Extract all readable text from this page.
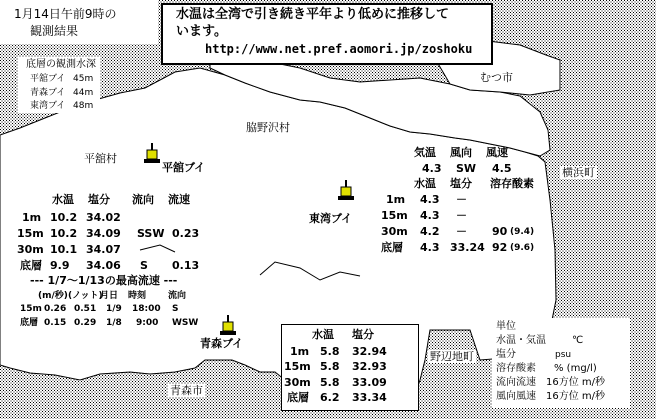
1月14日午前9時の
観測結果
底層の観測水深
平舘ブイ 45m
青森ブイ 44m
東湾ブイ 48m
水温は全湾で引き続き平年より低めに推移して
います。
http://www.net.pref.aomori.jp/zoshoku
むつ市
脇野沢村
平舘村
横浜町
青森市
野辺地町
平舘ブイ
東湾ブイ
青森ブイ
水温 塩分 流向 流速
1m 10.2 34.02
15m 10.2 34.09 SSW 0.23
30m 10.1 34.07
底層 9.9 34.06 S 0.13
--- 1/7～1/13の最高流速 ---
(m/秒) (ノット)
月日 時刻 流向
15m 0.26 0.51 1/9 18:00 S
底層 0.15 0.29 1/8 9:00 WSW
気温 風向 風速
4.3 SW 4.5
水温 塩分 溶存酸素
1m 4.3 －
15m 4.3 －
30m 4.2 － 90 (9.4)
底層 4.3 33.24 92 (9.6)
水温 塩分
1m 5.8 32.94
15m 5.8 32.93
30m 5.8 33.09
底層 6.2 33.34
単位
水温・気温	℃
塩分	psu
溶存酸素 % (mg/l)
流向流速 16方位 m/秒
風向風速 16方位 m/秒
